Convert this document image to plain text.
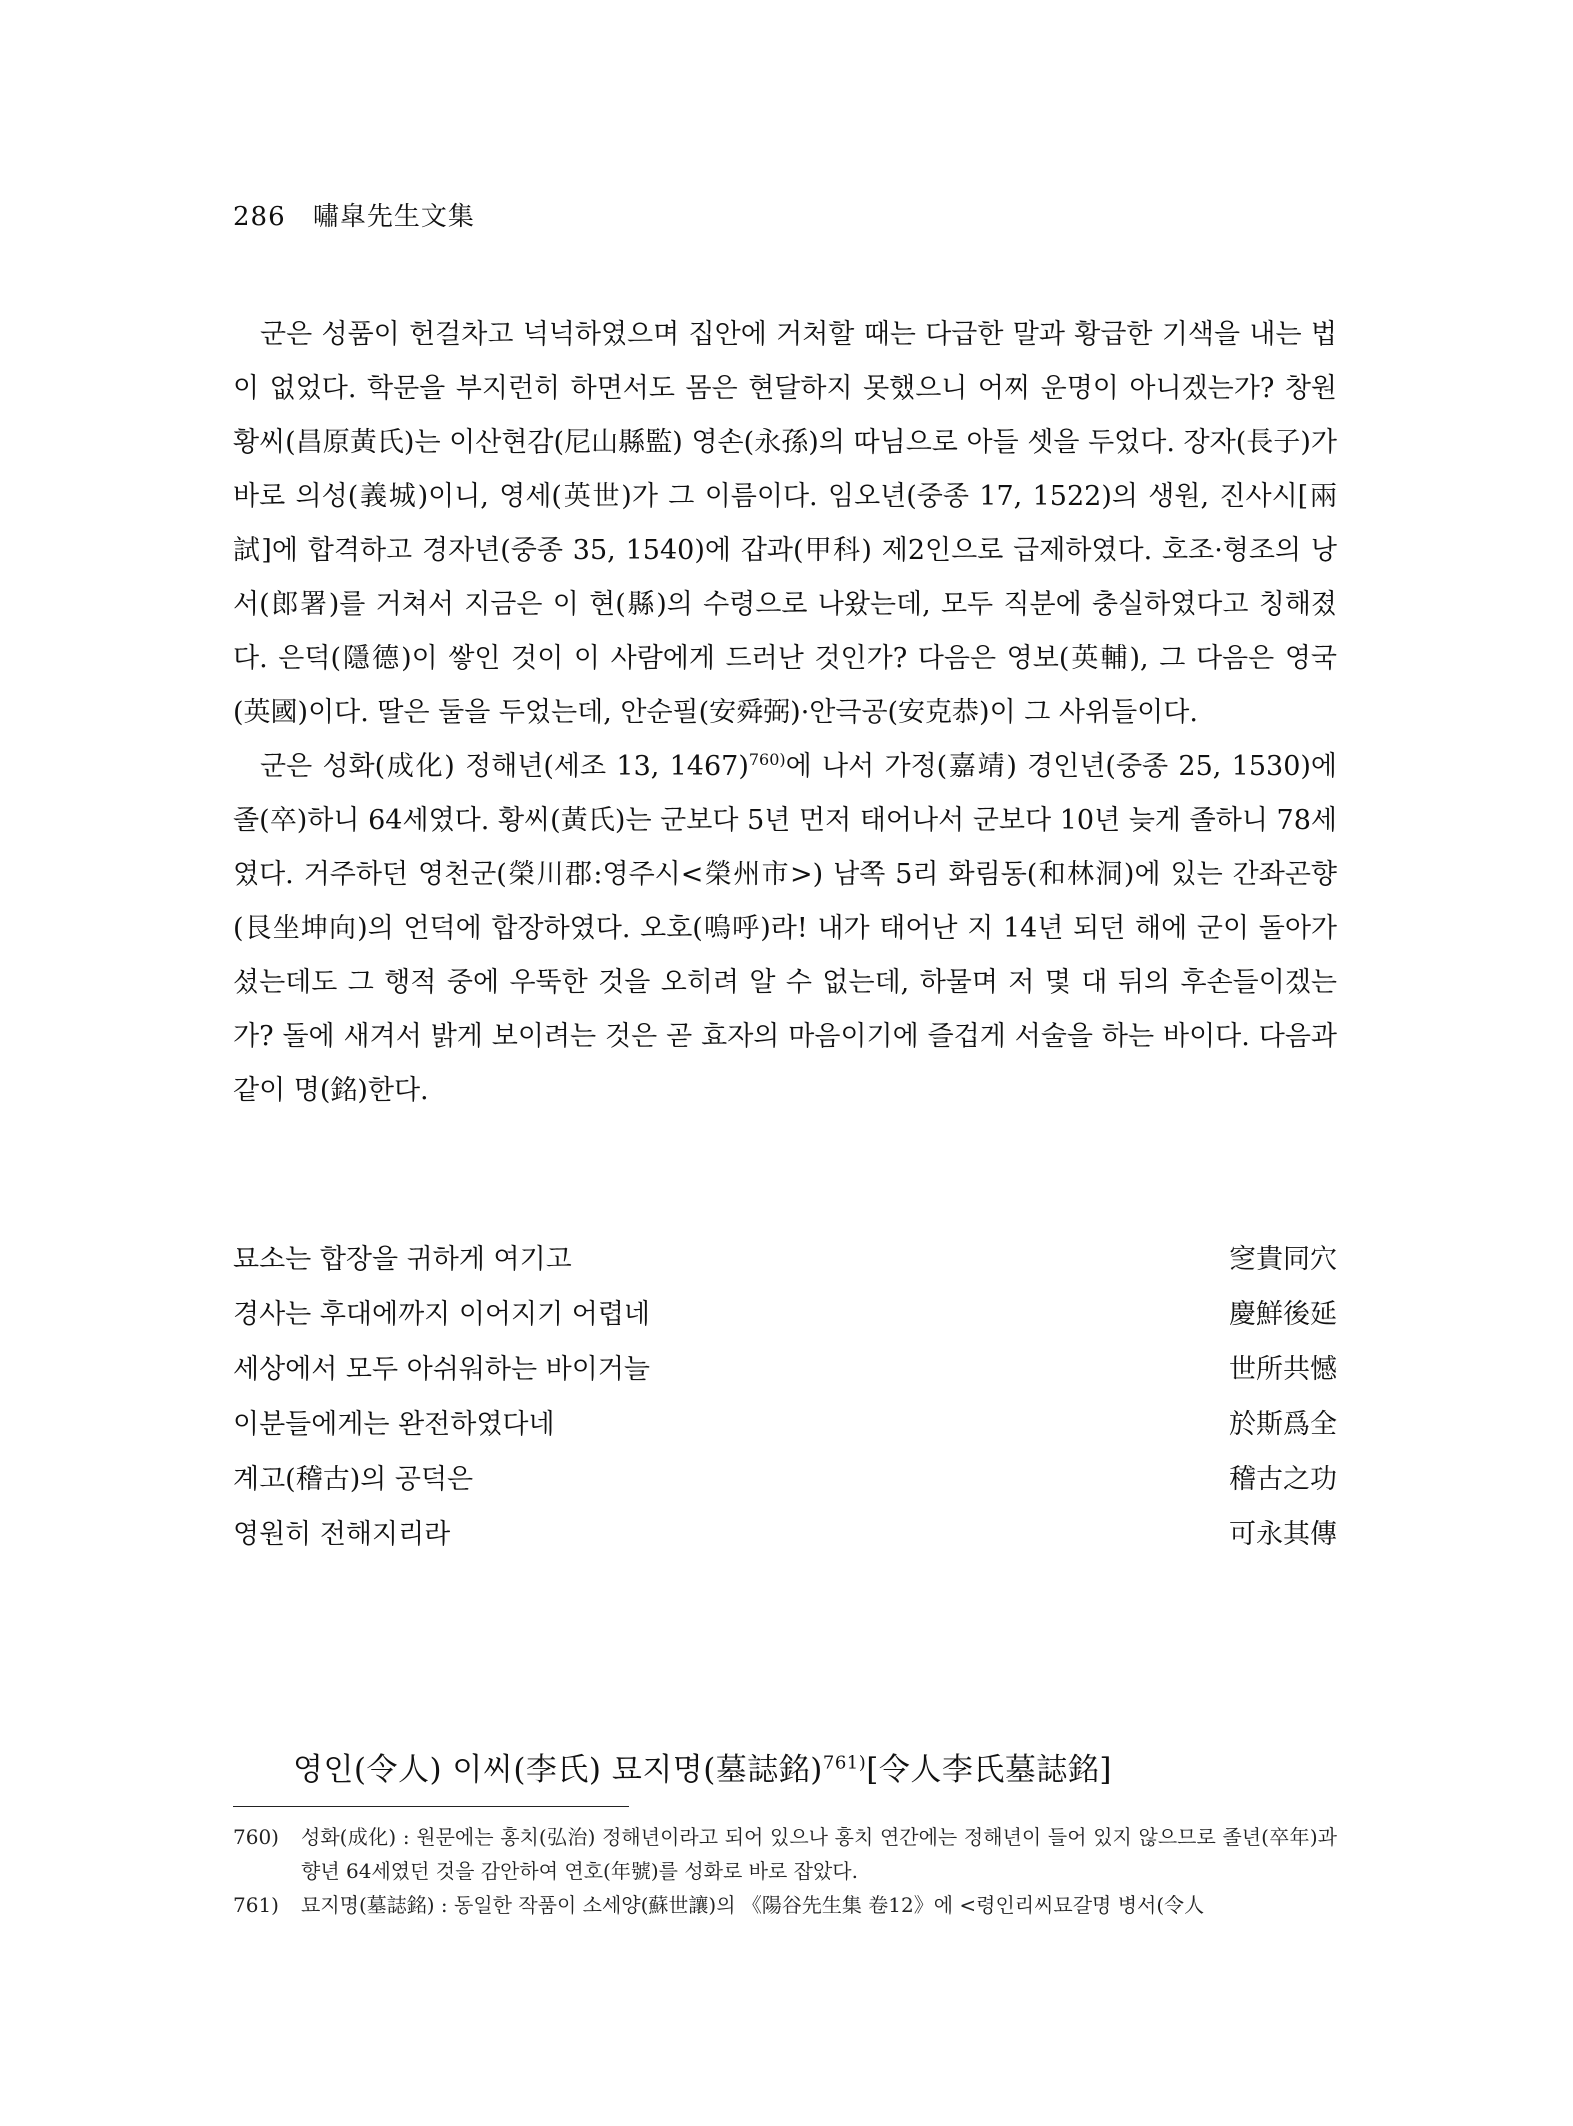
286 嘯皐先生文集

군은 성품이 헌걸차고 넉넉하였으며 집안에 거처할 때는 다급한 말과 황급한 기색을 내는 법이 없었다. 학문을 부지런히 하면서도 몸은 현달하지 못했으니 어찌 운명이 아니겠는가? 창원황씨(昌原黃氏)는 이산현감(尼山縣監) 영손(永孫)의 따님으로 아들 셋을 두었다. 장자(長子)가 바로 의성(義城)이니, 영세(英世)가 그 이름이다. 임오년(중종 17, 1522)의 생원, 진사시[兩試]에 합격하고 경자년(중종 35, 1540)에 갑과(甲科) 제2인으로 급제하였다. 호조·형조의 낭서(郎署)를 거쳐서 지금은 이 현(縣)의 수령으로 나왔는데, 모두 직분에 충실하였다고 칭해졌다. 은덕(隱德)이 쌓인 것이 이 사람에게 드러난 것인가? 다음은 영보(英輔), 그 다음은 영국(英國)이다. 딸은 둘을 두었는데, 안순필(安舜弼)·안극공(安克恭)이 그 사위들이다.

군은 성화(成化) 정해년(세조 13, 1467)$^{760)}$에 나서 가정(嘉靖) 경인년(중종 25, 1530)에 졸(卒)하니 64세였다. 황씨(黃氏)는 군보다 5년 먼저 태어나서 군보다 10년 늦게 졸하니 78세였다. 거주하던 영천군(榮川郡:영주시<榮州市>) 남쪽 5리 화림동(和林洞)에 있는 간좌곤향(艮坐坤向)의 언덕에 합장하였다. 오호(嗚呼)라! 내가 태어난 지 14년 되던 해에 군이 돌아가셨는데도 그 행적 중에 우뚝한 것을 오히려 알 수 없는데, 하물며 저 몇 대 뒤의 후손들이겠는가? 돌에 새겨서 밝게 보이려는 것은 곧 효자의 마음이기에 즐겁게 서술을 하는 바이다. 다음과 같이 명(銘)한다.

묘소는 합장을 귀하게 여기고	窆貴同穴
경사는 후대에까지 이어지기 어렵네	慶鮮後延
세상에서 모두 아쉬워하는 바이거늘	世所共憾
이분들에게는 완전하였다네	於斯爲全
계고(稽古)의 공덕은	稽古之功
영원히 전해지리라	可永其傳
영인(令人) 이씨(李氏) 묘지명(墓誌銘)$^{761)}$[令人李氏墓誌銘]
760)	성화(成化) : 원문에는 홍치(弘治) 정해년이라고 되어 있으나 홍치 연간에는 정해년이 들어 있지 않으므로 졸년(卒年)과 향년 64세였던 것을 감안하여 연호(年號)를 성화로 바로 잡았다.
761)	묘지명(墓誌銘) : 동일한 작품이 소세양(蘇世讓)의 《陽谷先生集 卷12》에 <령인리씨묘갈명 병서(令人
